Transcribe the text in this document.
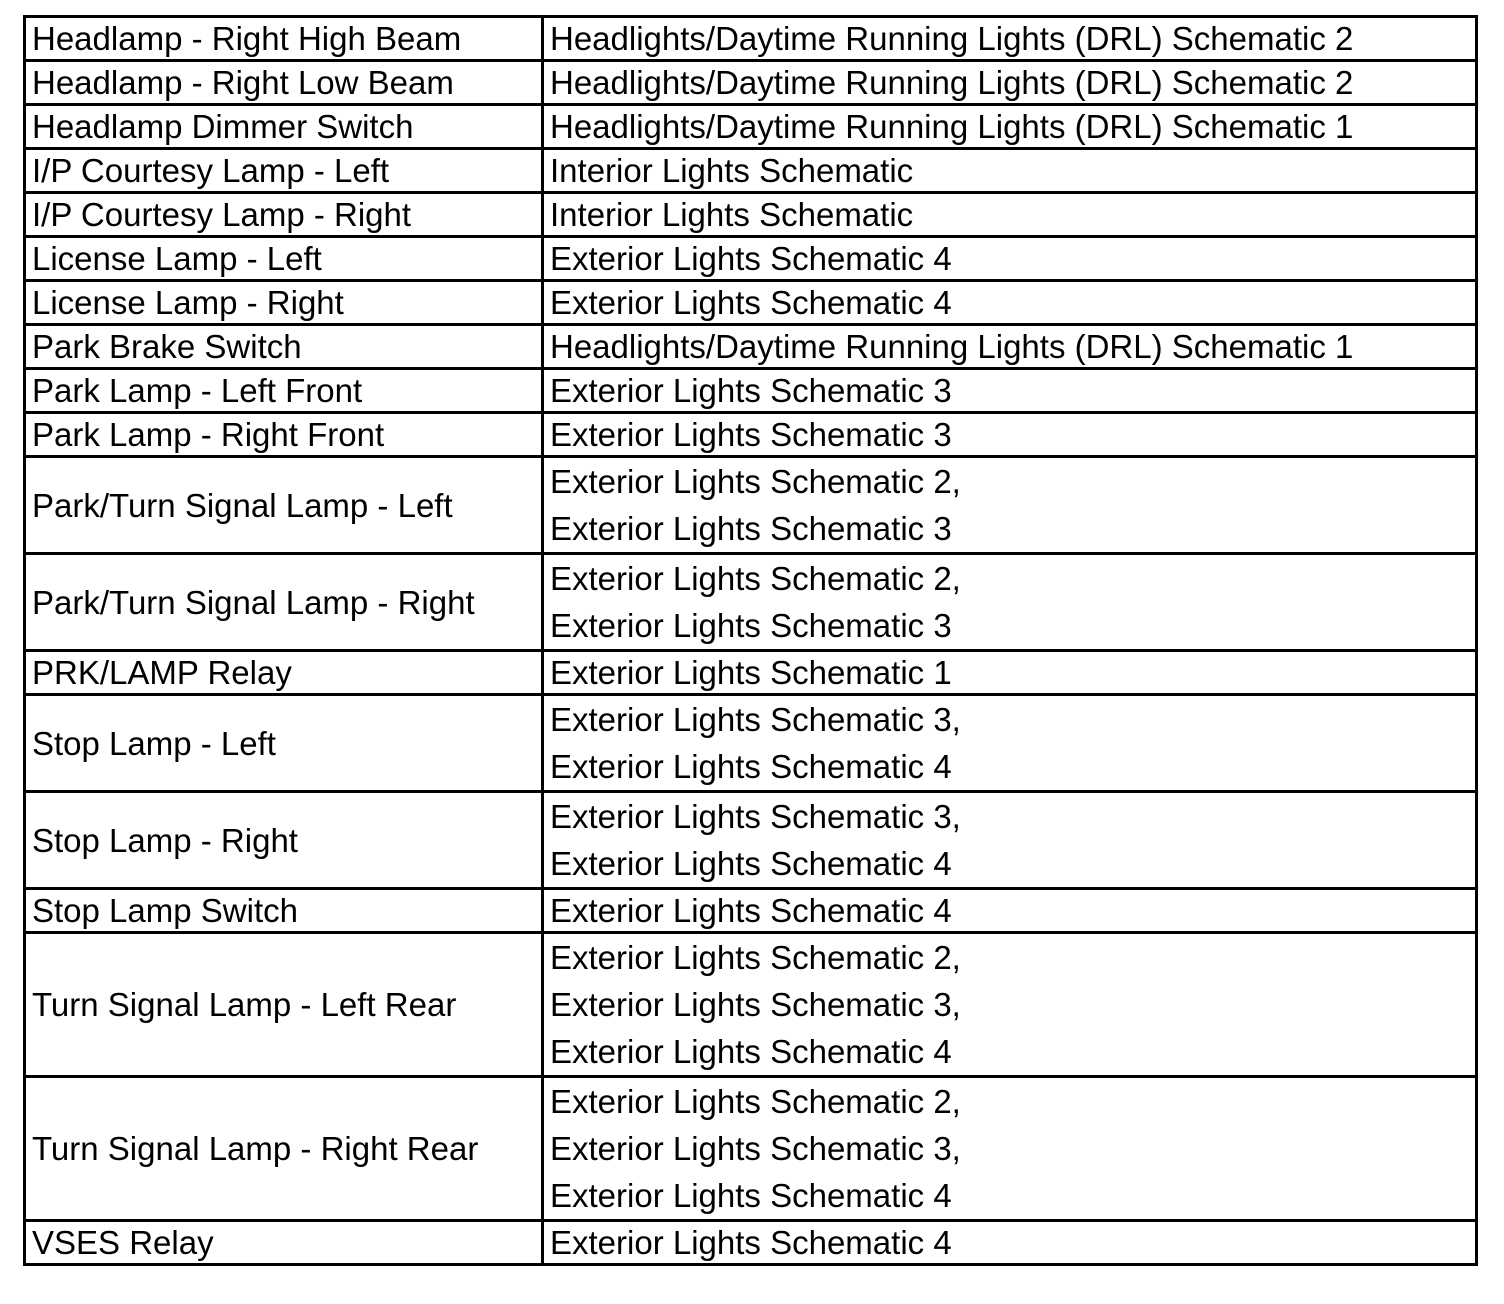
Headlamp - Right High Beam	Headlights/Daytime Running Lights (DRL) Schematic 2

Headlamp - Right Low Beam	Headlights/Daytime Running Lights (DRL) Schematic 2

Headlamp Dimmer Switch	Headlights/Daytime Running Lights (DRL) Schematic 1

I/P Courtesy Lamp - Left	Interior Lights Schematic

I/P Courtesy Lamp - Right	Interior Lights Schematic

License Lamp - Left	Exterior Lights Schematic 4

License Lamp - Right	Exterior Lights Schematic 4

Park Brake Switch	Headlights/Daytime Running Lights (DRL) Schematic 1

Park Lamp - Left Front	Exterior Lights Schematic 3

Park Lamp - Right Front	Exterior Lights Schematic 3

Park/Turn Signal Lamp - Left	Exterior Lights Schematic 2,
Exterior Lights Schematic 3

Park/Turn Signal Lamp - Right	Exterior Lights Schematic 2,
Exterior Lights Schematic 3

PRK/LAMP Relay	Exterior Lights Schematic 1

Stop Lamp - Left	Exterior Lights Schematic 3,
Exterior Lights Schematic 4

Stop Lamp - Right	Exterior Lights Schematic 3,
Exterior Lights Schematic 4

Stop Lamp Switch	Exterior Lights Schematic 4

Turn Signal Lamp - Left Rear	Exterior Lights Schematic 2,
Exterior Lights Schematic 3,
Exterior Lights Schematic 4

Turn Signal Lamp - Right Rear	Exterior Lights Schematic 2,
Exterior Lights Schematic 3,
Exterior Lights Schematic 4

VSES Relay	Exterior Lights Schematic 4
